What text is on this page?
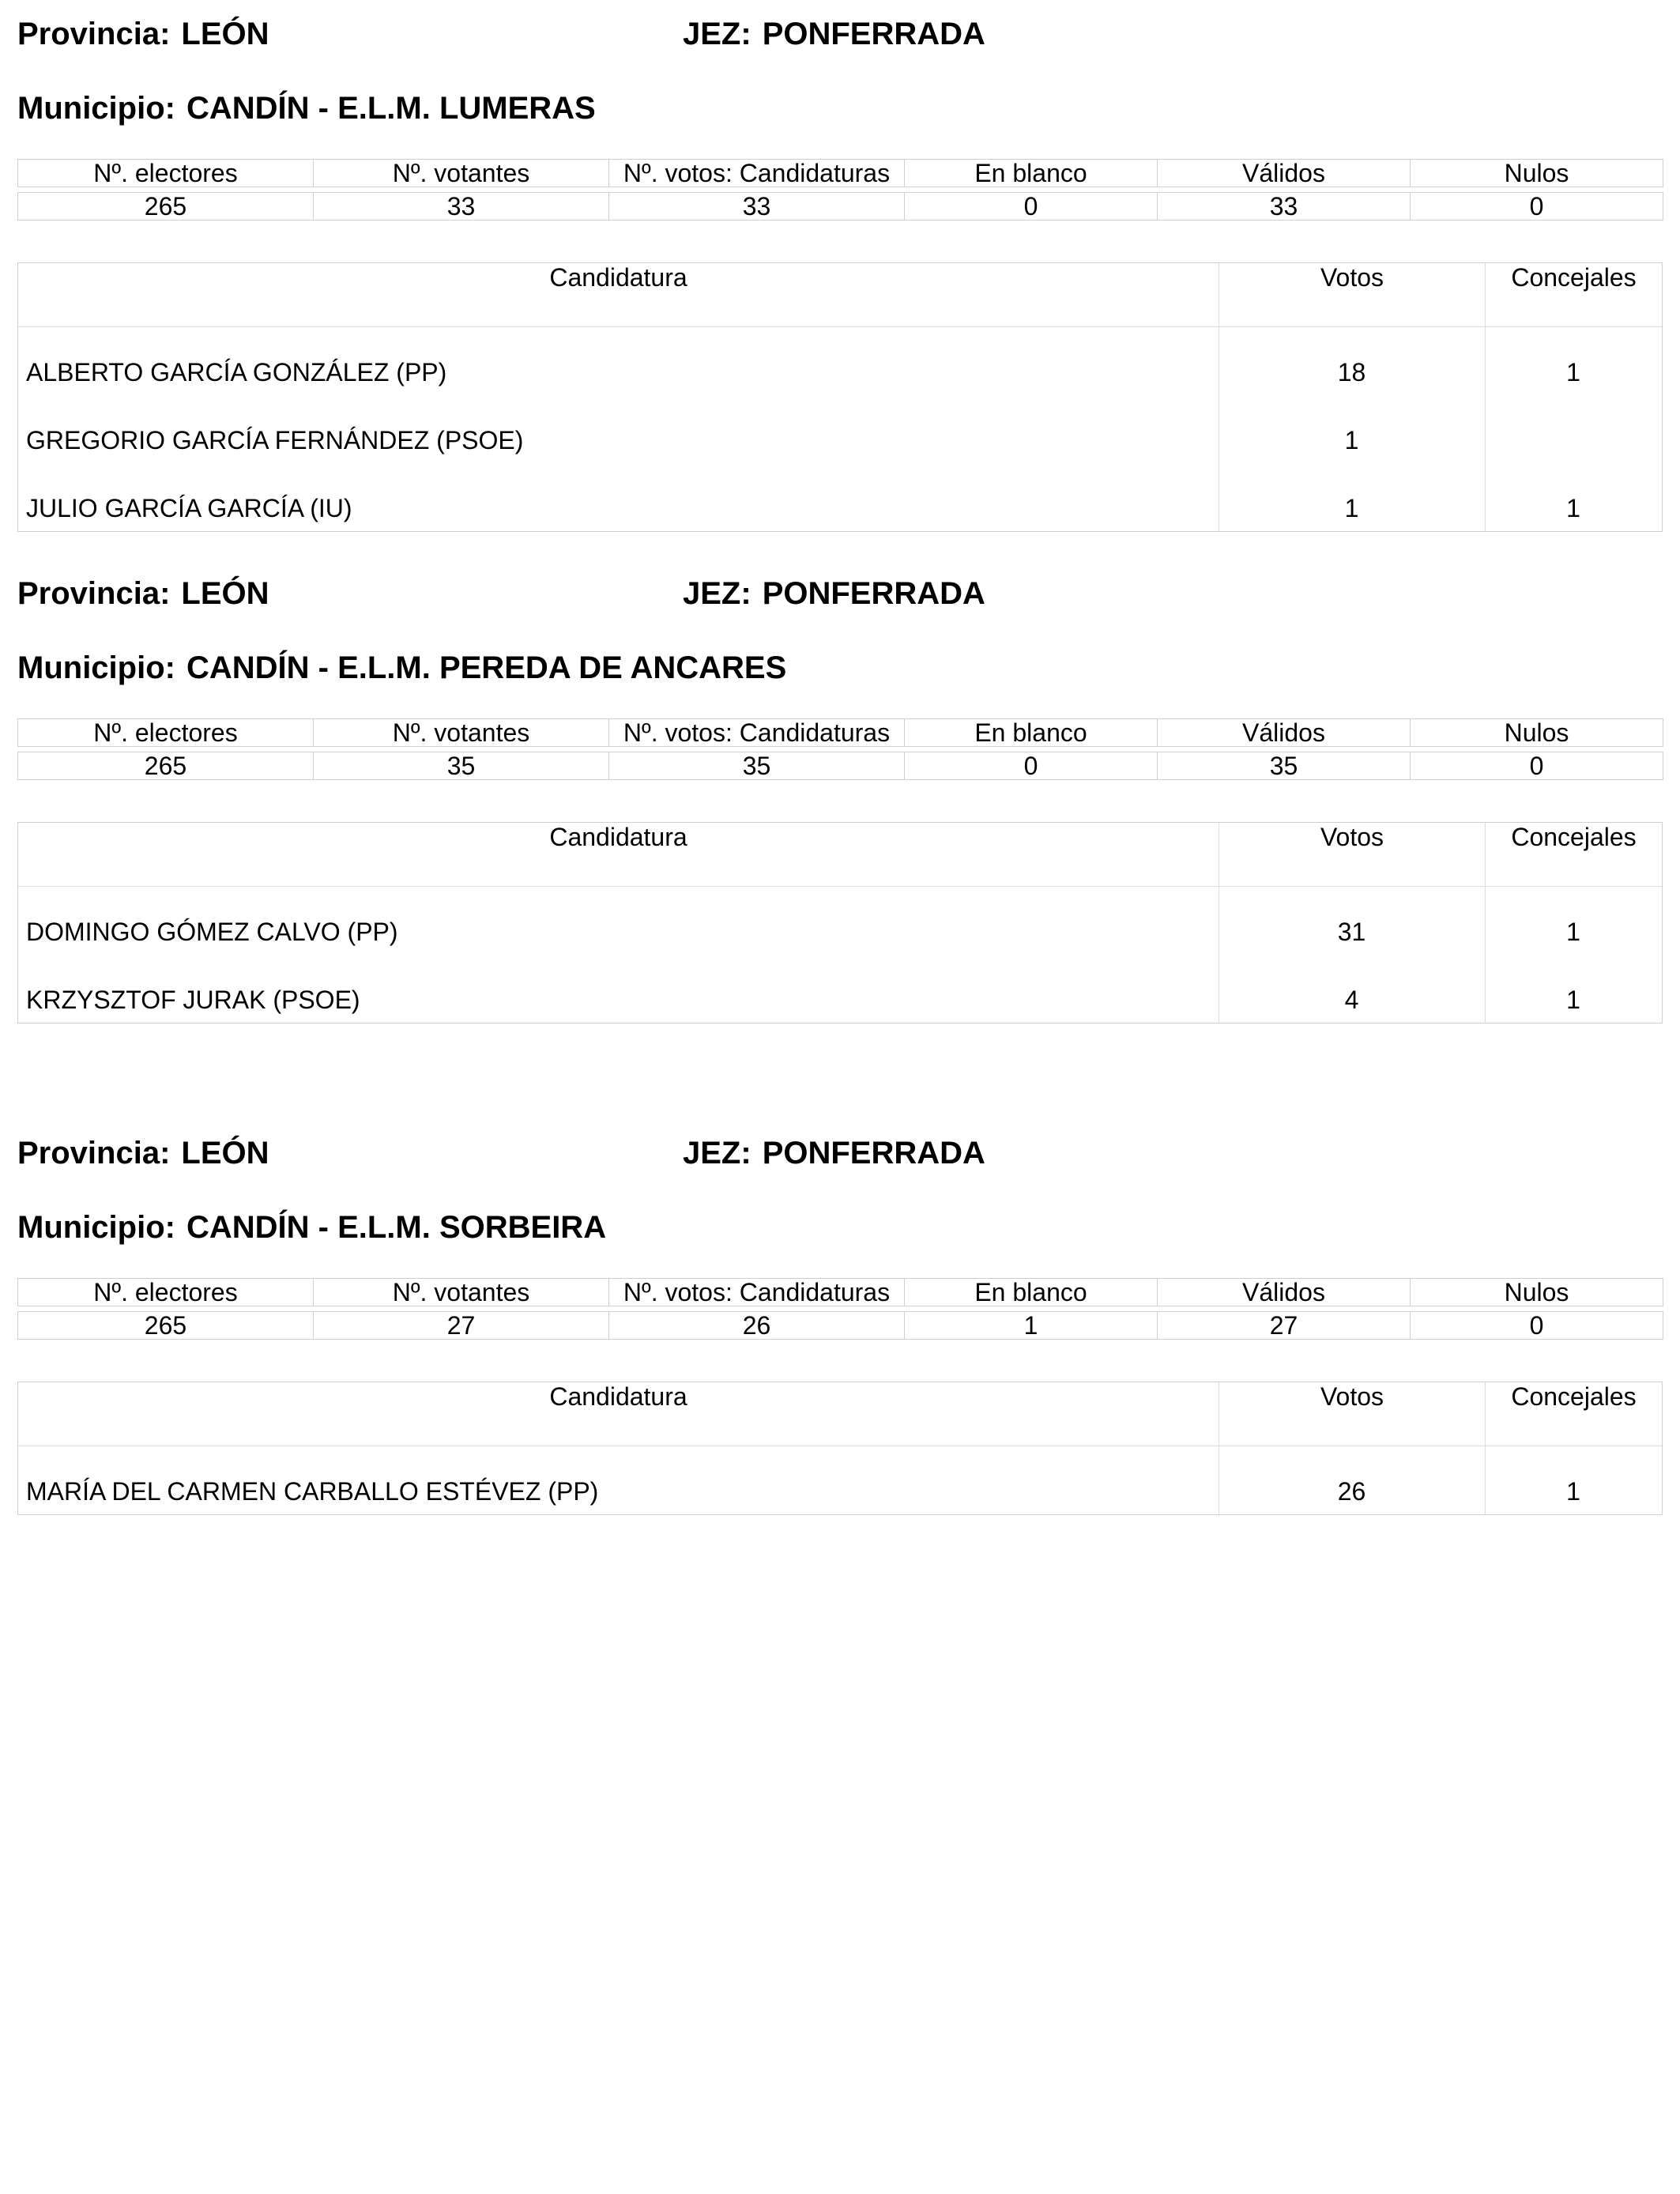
Provincia: LEÓN	JEZ: PONFERRADA
Municipio: CANDÍN - E.L.M. LUMERAS
Nº. electores	Nº. votantes	Nº. votos: Candidaturas	En blanco	Válidos	Nulos

265	33	33	0	33	0
Candidatura	Votos	Concejales
ALBERTO GARCÍA GONZÁLEZ (PP)	18	1
GREGORIO GARCÍA FERNÁNDEZ (PSOE)	1
JULIO GARCÍA GARCÍA (IU)	1	1
Provincia: LEÓN	JEZ: PONFERRADA
Municipio: CANDÍN - E.L.M. PEREDA DE ANCARES
Nº. electores	Nº. votantes	Nº. votos: Candidaturas	En blanco	Válidos	Nulos

265	35	35	0	35	0
Candidatura	Votos	Concejales
DOMINGO GÓMEZ CALVO (PP)	31	1
KRZYSZTOF JURAK (PSOE)	4	1
Provincia: LEÓN	JEZ: PONFERRADA
Municipio: CANDÍN - E.L.M. SORBEIRA
Nº. electores	Nº. votantes	Nº. votos: Candidaturas	En blanco	Válidos	Nulos

265	27	26	1	27	0
Candidatura	Votos	Concejales
MARÍA DEL CARMEN CARBALLO ESTÉVEZ (PP)	26	1
